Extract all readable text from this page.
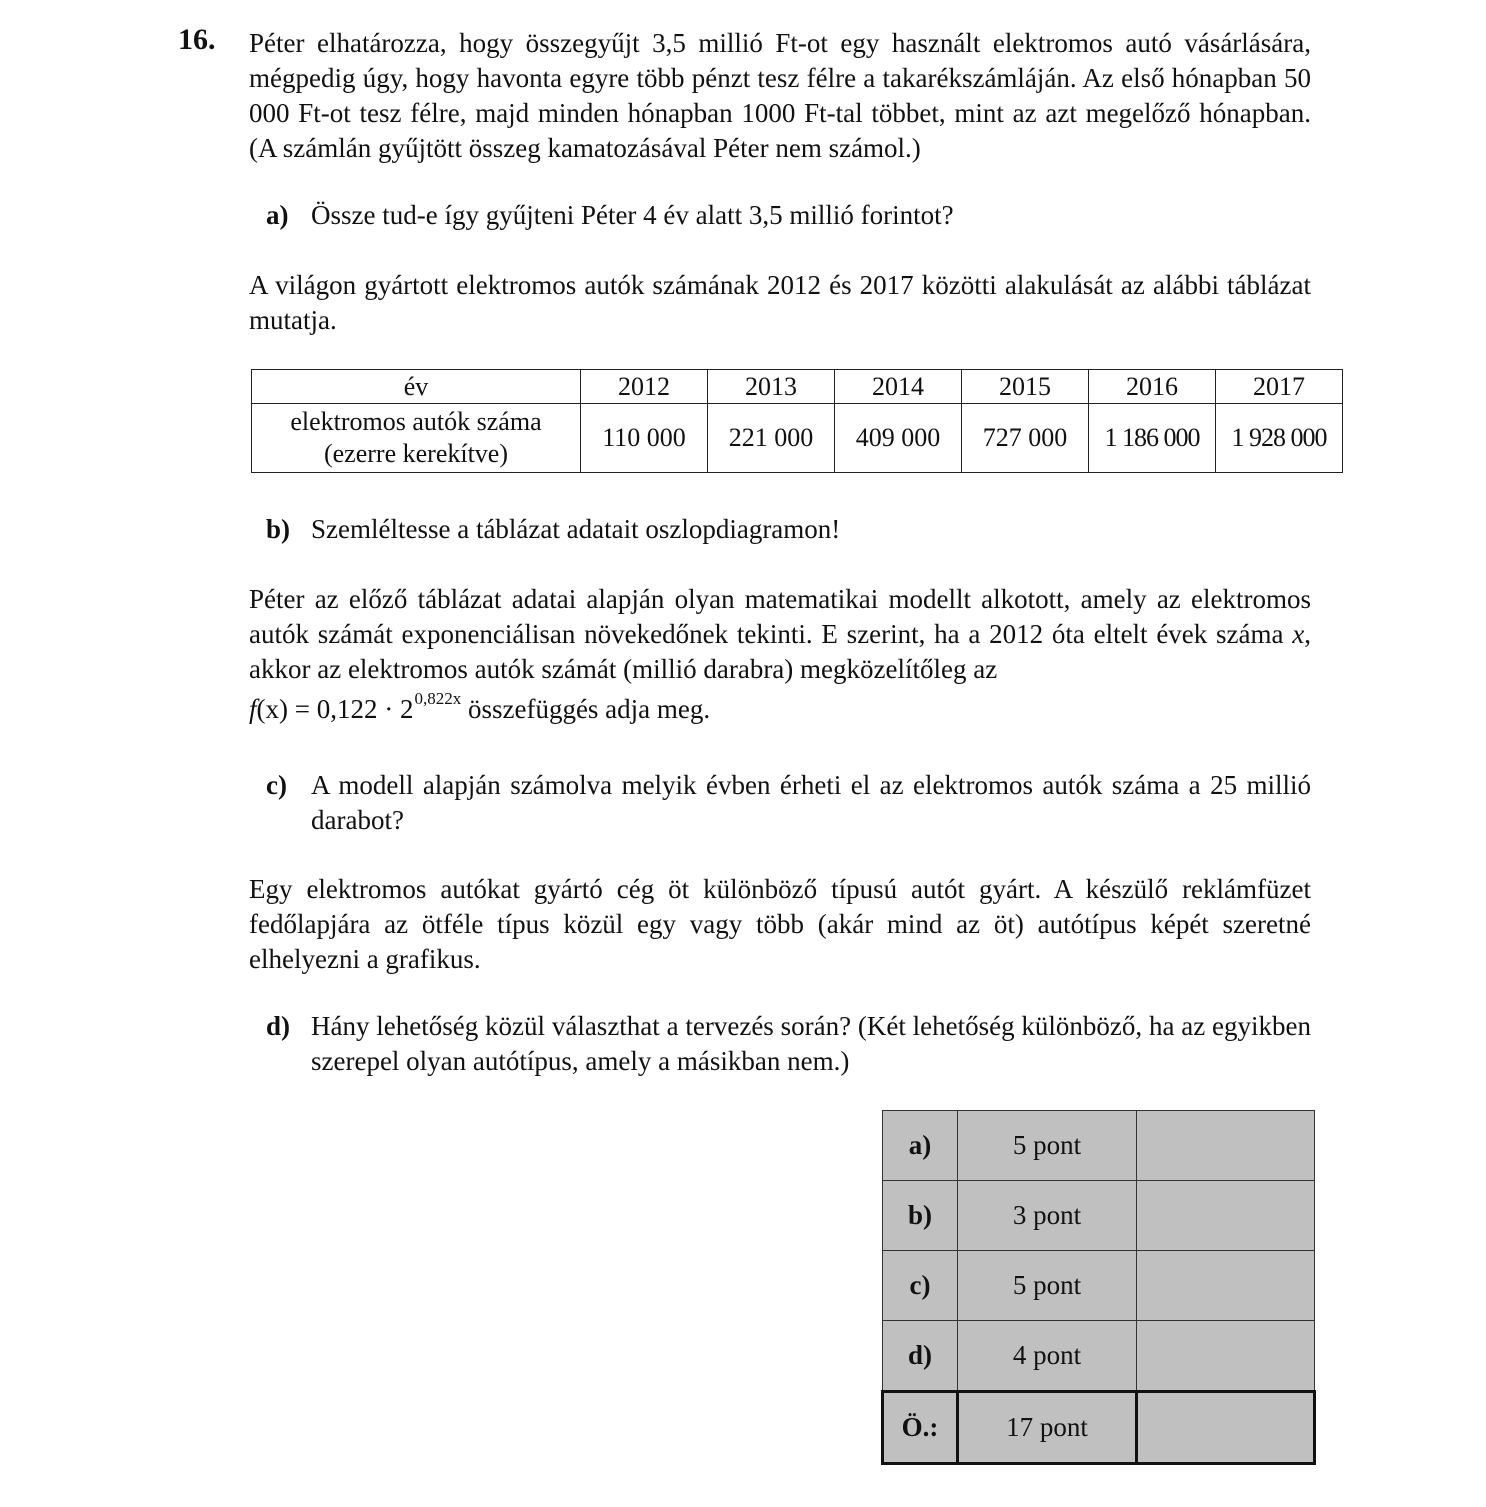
16. Péter elhatározza, hogy összegyűjt 3,5 millió Ft-ot egy használt elektromos autó vásárlására, mégpedig úgy, hogy havonta egyre több pénzt tesz félre a takarékszámláján. Az első hónapban 50 000 Ft-ot tesz félre, majd minden hónapban 1000 Ft-tal többet, mint az azt megelőző hónapban. (A számlán gyűjtött összeg kamatozásával Péter nem számol.)

a) Össze tud-e így gyűjteni Péter 4 év alatt 3,5 millió forintot?

A világon gyártott elektromos autók számának 2012 és 2017 közötti alakulását az alábbi táblázat mutatja.

év	2012	2013	2014	2015	2016	2017

elektromos autók száma
(ezerre kerekítve)	110 000	221 000	409 000	727 000	1 186 000	1 928 000
b) Szemléltesse a táblázat adatait oszlopdiagramon!

Péter az előző táblázat adatai alapján olyan matematikai modellt alkotott, amely az elektromos autók számát exponenciálisan növekedőnek tekinti. E szerint, ha a 2012 óta eltelt évek száma x, akkor az elektromos autók számát (millió darabra) megközelítőleg az

$f(x) = 0,122 \cdot 2^{0,822x}$ összefüggés adja meg.
c) A modell alapján számolva melyik évben érheti el az elektromos autók száma a 25 millió darabot?

Egy elektromos autókat gyártó cég öt különböző típusú autót gyárt. A készülő reklámfüzet fedőlapjára az ötféle típus közül egy vagy több (akár mind az öt) autótípus képét szeretné elhelyezni a grafikus.

d) Hány lehetőség közül választhat a tervezés során? (Két lehetőség különböző, ha az egyikben szerepel olyan autótípus, amely a másikban nem.)
a)	5 pont	
b)	3 pont	
c)	5 pont	
d)	4 pont	
Ö.:	17 pont	
